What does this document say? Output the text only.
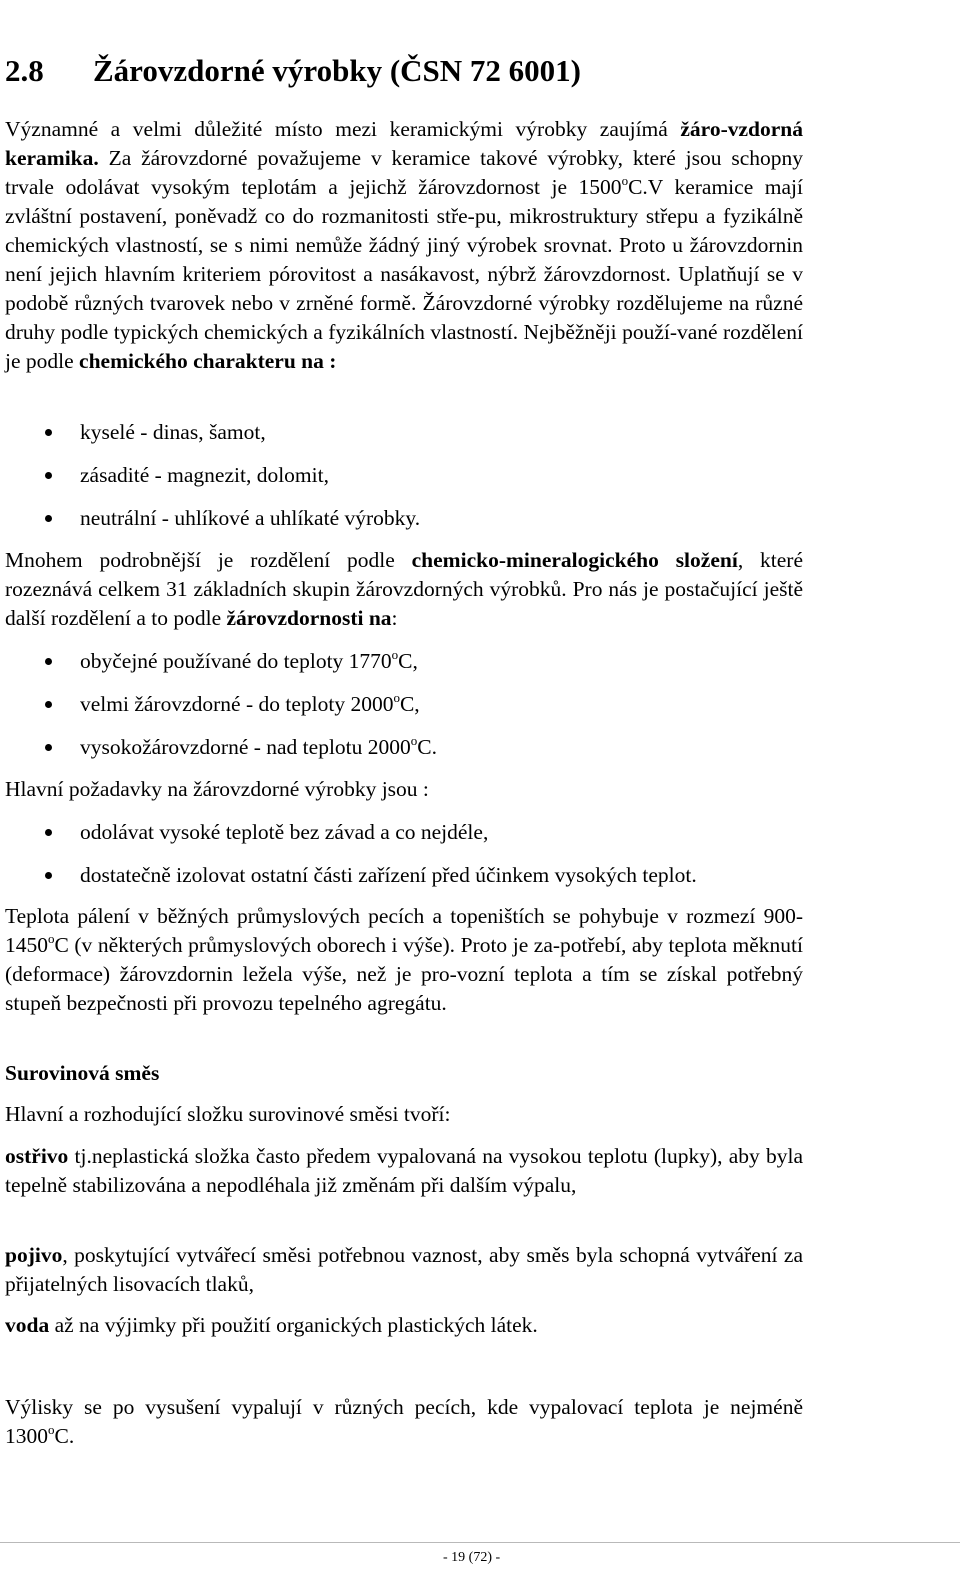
2.8 Žárovzdorné výrobky (ČSN 72 6001)

Významné a velmi důležité místo mezi keramickými výrobky zaujímá žáro-vzdorná keramika. Za žárovzdorné považujeme v keramice takové výrobky, které jsou schopny trvale odolávat vysokým teplotám a jejichž žárovzdornost je 1500$^o$C.V keramice mají zvláštní postavení, poněvadž co do rozmanitosti stře-pu, mikrostruktury střepu a fyzikálně chemických vlastností, se s nimi nemůže žádný jiný výrobek srovnat. Proto u žárovzdornin není jejich hlavním kriteriem pórovitost a nasákavost, nýbrž žárovzdornost. Uplatňují se v podobě různých tvarovek nebo v zrněné formě. Žárovzdorné výrobky rozdělujeme na různé druhy podle typických chemických a fyzikálních vlastností. Nejběžněji použí-vané rozdělení je podle chemického charakteru na :

kyselé - dinas, šamot,
zásadité - magnezit, dolomit,
neutrální - uhlíkové a uhlíkaté výrobky.

Mnohem podrobnější je rozdělení podle chemicko-mineralogického složení, které rozeznává celkem 31 základních skupin žárovzdorných výrobků. Pro nás je postačující ještě další rozdělení a to podle žárovzdornosti na:

obyčejné používané do teploty 1770$^o$C,
velmi žárovzdorné - do teploty 2000$^o$C,
vysokožárovzdorné - nad teplotu 2000$^o$C.

Hlavní požadavky na žárovzdorné výrobky jsou :

odolávat vysoké teplotě bez závad a co nejdéle,
dostatečně izolovat ostatní části zařízení před účinkem vysokých teplot.

Teplota pálení v běžných průmyslových pecích a topeništích se pohybuje v rozmezí 900-1450$^o$C (v některých průmyslových oborech i výše). Proto je za-potřebí, aby teplota měknutí (deformace) žárovzdornin ležela výše, než je pro-vozní teplota a tím se získal potřebný stupeň bezpečnosti při provozu tepelného agregátu.

Surovinová směs

Hlavní a rozhodující složku surovinové směsi tvoří:

ostřivo tj.neplastická složka často předem vypalovaná na vysokou teplotu (lupky), aby byla tepelně stabilizována a nepodléhala již změnám při dalším výpalu,

pojivo, poskytující vytvářecí směsi potřebnou vaznost, aby směs byla schopná vytváření za přijatelných lisovacích tlaků,

voda až na výjimky při použití organických plastických látek.

Výlisky se po vysušení vypalují v různých pecích, kde vypalovací teplota je nejméně 1300$^o$C.

- 19 (72) -
